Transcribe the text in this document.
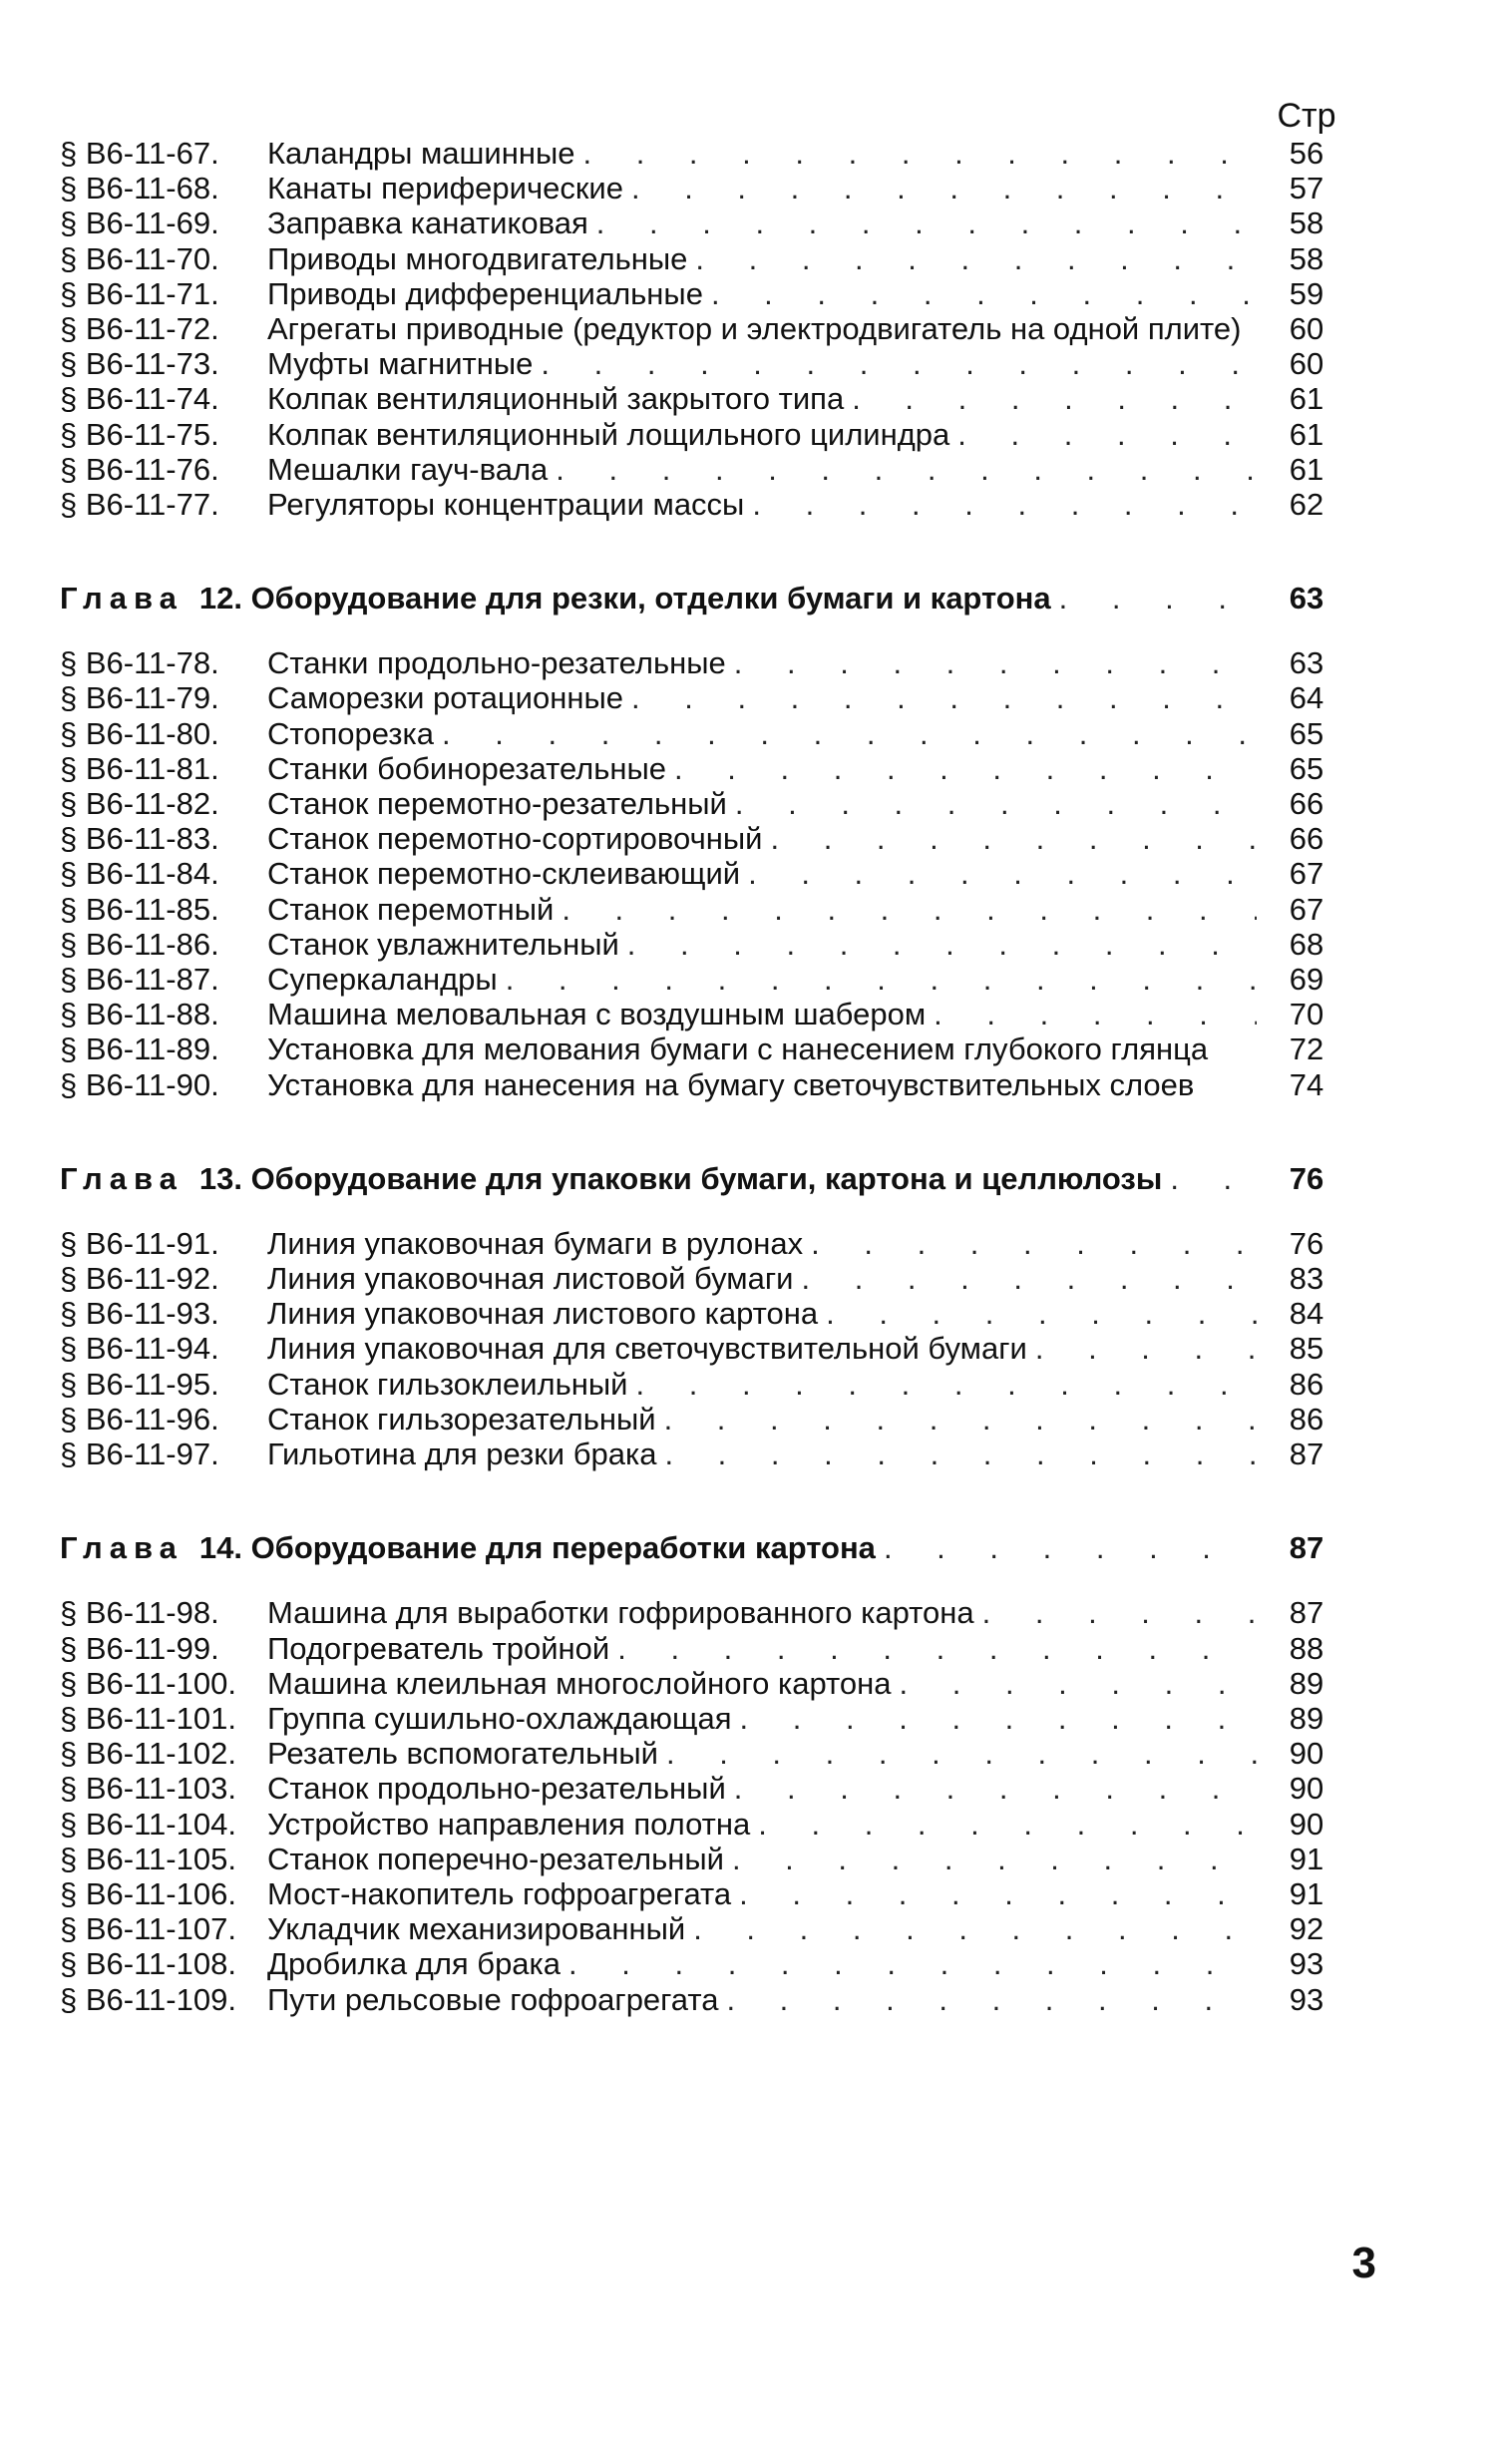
Стр
§ В6-11-67.	Каландры машинные . . .	56
§ В6-11-68.	Канаты периферические . . .	57
§ В6-11-69.	Заправка канатиковая . . .	58
§ В6-11-70.	Приводы многодвигательные . . .	58
§ В6-11-71.	Приводы дифференциальные . . .	59
§ В6-11-72.	Агрегаты приводные (редуктор и электродвигатель на одной плите)	60
§ В6-11-73.	Муфты магнитные . . .	60
§ В6-11-74.	Колпак вентиляционный закрытого типа . . .	61
§ В6-11-75.	Колпак вентиляционный лощильного цилиндра . . .	61
§ В6-11-76.	Мешалки гауч-вала . . .	61
§ В6-11-77.	Регуляторы концентрации массы . . .	62
Глава 12. Оборудование для резки, отделки бумаги и картона . . .	63
§ В6-11-78.	Станки продольно-резательные . . .	63
§ В6-11-79.	Саморезки ротационные . . .	64
§ В6-11-80.	Стопорезка . . .	65
§ В6-11-81.	Станки бобинорезательные . . .	65
§ В6-11-82.	Станок перемотно-резательный . . .	66
§ В6-11-83.	Станок перемотно-сортировочный . . .	66
§ В6-11-84.	Станок перемотно-склеивающий . . .	67
§ В6-11-85.	Станок перемотный . . .	67
§ В6-11-86.	Станок увлажнительный . . .	68
§ В6-11-87.	Суперкаландры . . .	69
§ В6-11-88.	Машина меловальная с воздушным шабером . . .	70
§ В6-11-89.	Установка для мелования бумаги с нанесением глубокого глянца	72
§ В6-11-90.	Установка для нанесения на бумагу светочувствительных слоев	74
Глава 13. Оборудование для упаковки бумаги, картона и целлюлозы . . .	76
§ В6-11-91.	Линия упаковочная бумаги в рулонах . . .	76
§ В6-11-92.	Линия упаковочная листовой бумаги . . .	83
§ В6-11-93.	Линия упаковочная листового картона . . .	84
§ В6-11-94.	Линия упаковочная для светочувствительной бумаги . . .	85
§ В6-11-95.	Станок гильзоклеильный . . .	86
§ В6-11-96.	Станок гильзорезательный . . .	86
§ В6-11-97.	Гильотина для резки брака . . .	87
Глава 14. Оборудование для переработки картона . . .	87
§ В6-11-98.	Машина для выработки гофрированного картона . . .	87
§ В6-11-99.	Подогреватель тройной . . .	88
§ В6-11-100.	Машина клеильная многослойного картона . . .	89
§ В6-11-101.	Группа сушильно-охлаждающая . . .	89
§ В6-11-102.	Резатель вспомогательный . . .	90
§ В6-11-103.	Станок продольно-резательный . . .	90
§ В6-11-104.	Устройство направления полотна . . .	90
§ В6-11-105.	Станок поперечно-резательный . . .	91
§ В6-11-106.	Мост-накопитель гофроагрегата . . .	91
§ В6-11-107.	Укладчик механизированный . . .	92
§ В6-11-108.	Дробилка для брака . . .	93
§ В6-11-109.	Пути рельсовые гофроагрегата . . .	93
3
